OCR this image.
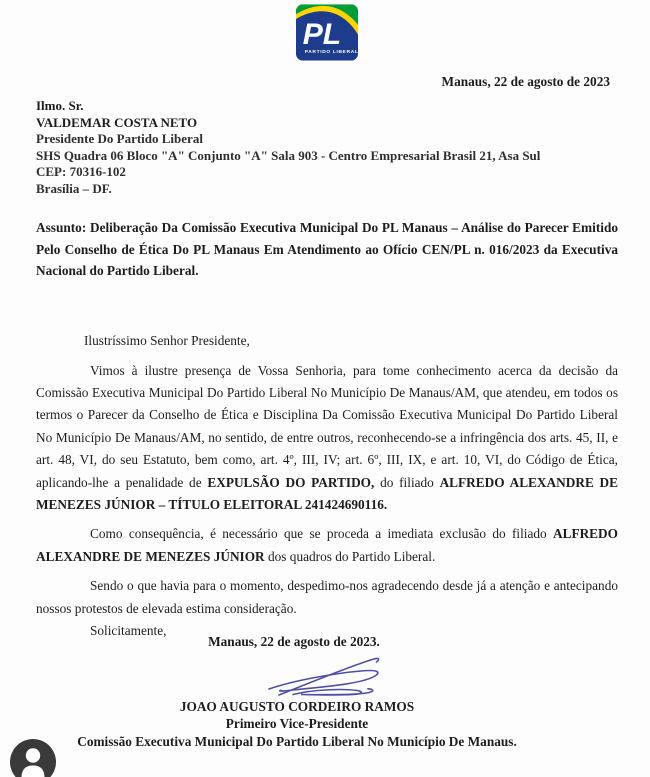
PL
PARTIDO LIBERAL
Manaus, 22 de agosto de 2023
Ilmo. Sr.
VALDEMAR COSTA NETO
Presidente Do Partido Liberal
SHS Quadra 06 Bloco "A" Conjunto "A" Sala 903 - Centro Empresarial Brasil 21, Asa Sul
CEP: 70316-102
Brasília – DF.

Assunto: Deliberação Da Comissão Executiva Municipal Do PL Manaus – Análise do Parecer Emitido Pelo Conselho de Ética Do PL Manaus Em Atendimento ao Ofício CEN/PL n. 016/2023 da Executiva Nacional do Partido Liberal.

Ilustríssimo Senhor Presidente,

Vimos à ilustre presença de Vossa Senhoria, para tome conhecimento acerca da decisão da Comissão Executiva Municipal Do Partido Liberal No Município De Manaus/AM, que atendeu, em todos os termos o Parecer da Conselho de Ética e Disciplina Da Comissão Executiva Municipal Do Partido Liberal No Município De Manaus/AM, no sentido, de entre outros, reconhecendo-se a infringência dos arts. 45, II, e art. 48, VI, do seu Estatuto, bem como, art. 4º, III, IV; art. 6º, III, IX, e art. 10, VI, do Código de Ética, aplicando-lhe a penalidade de EXPULSÃO DO PARTIDO, do filiado ALFREDO ALEXANDRE DE MENEZES JÚNIOR – TÍTULO ELEITORAL 241424690116.

Como consequência, é necessário que se proceda a imediata exclusão do filiado ALFREDO ALEXANDRE DE MENEZES JÚNIOR dos quadros do Partido Liberal.

Sendo o que havia para o momento, despedimo-nos agradecendo desde já a atenção e antecipando nossos protestos de elevada estima consideração.

Solicitamente,

Manaus, 22 de agosto de 2023.
JOAO AUGUSTO CORDEIRO RAMOS
Primeiro Vice-Presidente
Comissão Executiva Municipal Do Partido Liberal No Município De Manaus.
